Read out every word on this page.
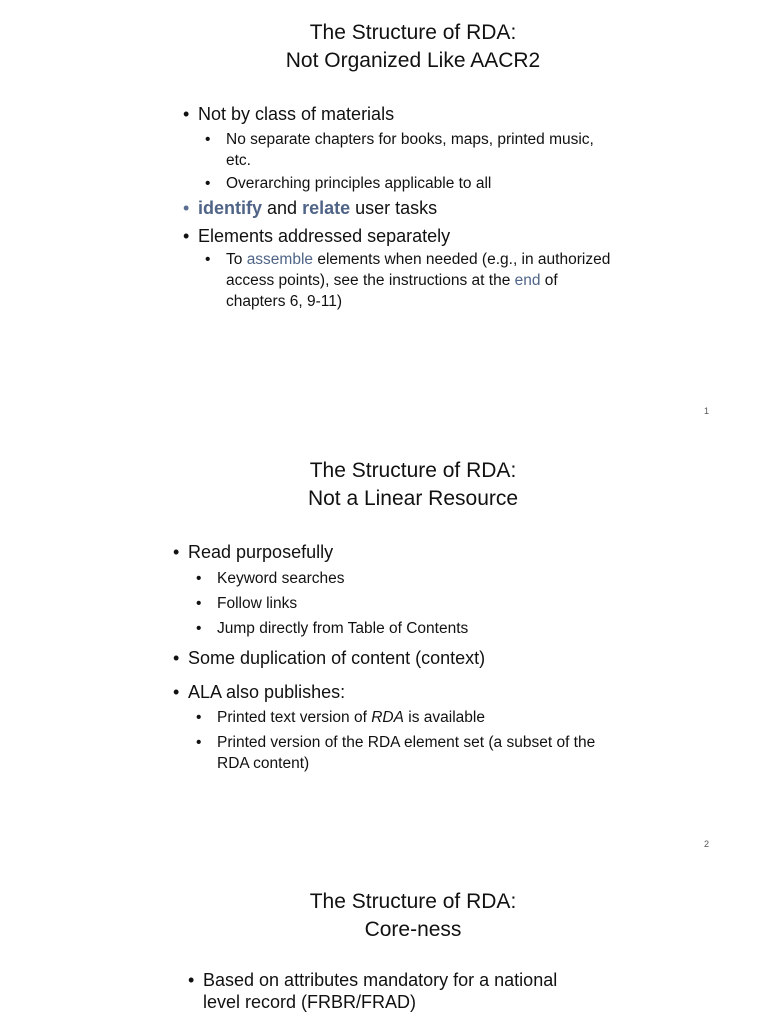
The Structure of RDA:
Not Organized Like AACR2
• Not by class of materials
• No separate chapters for books, maps, printed music, etc.
• Overarching principles applicable to all
• identify and relate user tasks
• Elements addressed separately
• To assemble elements when needed (e.g., in authorized access points), see the instructions at the end of chapters 6, 9-11)
1
The Structure of RDA:
Not a Linear Resource
• Read purposefully
• Keyword searches
• Follow links
• Jump directly from Table of Contents
• Some duplication of content (context)
• ALA also publishes:
• Printed text version of RDA is available
• Printed version of the RDA element set (a subset of the RDA content)
2
The Structure of RDA:
Core-ness
• Based on attributes mandatory for a national
level record (FRBR/FRAD)
